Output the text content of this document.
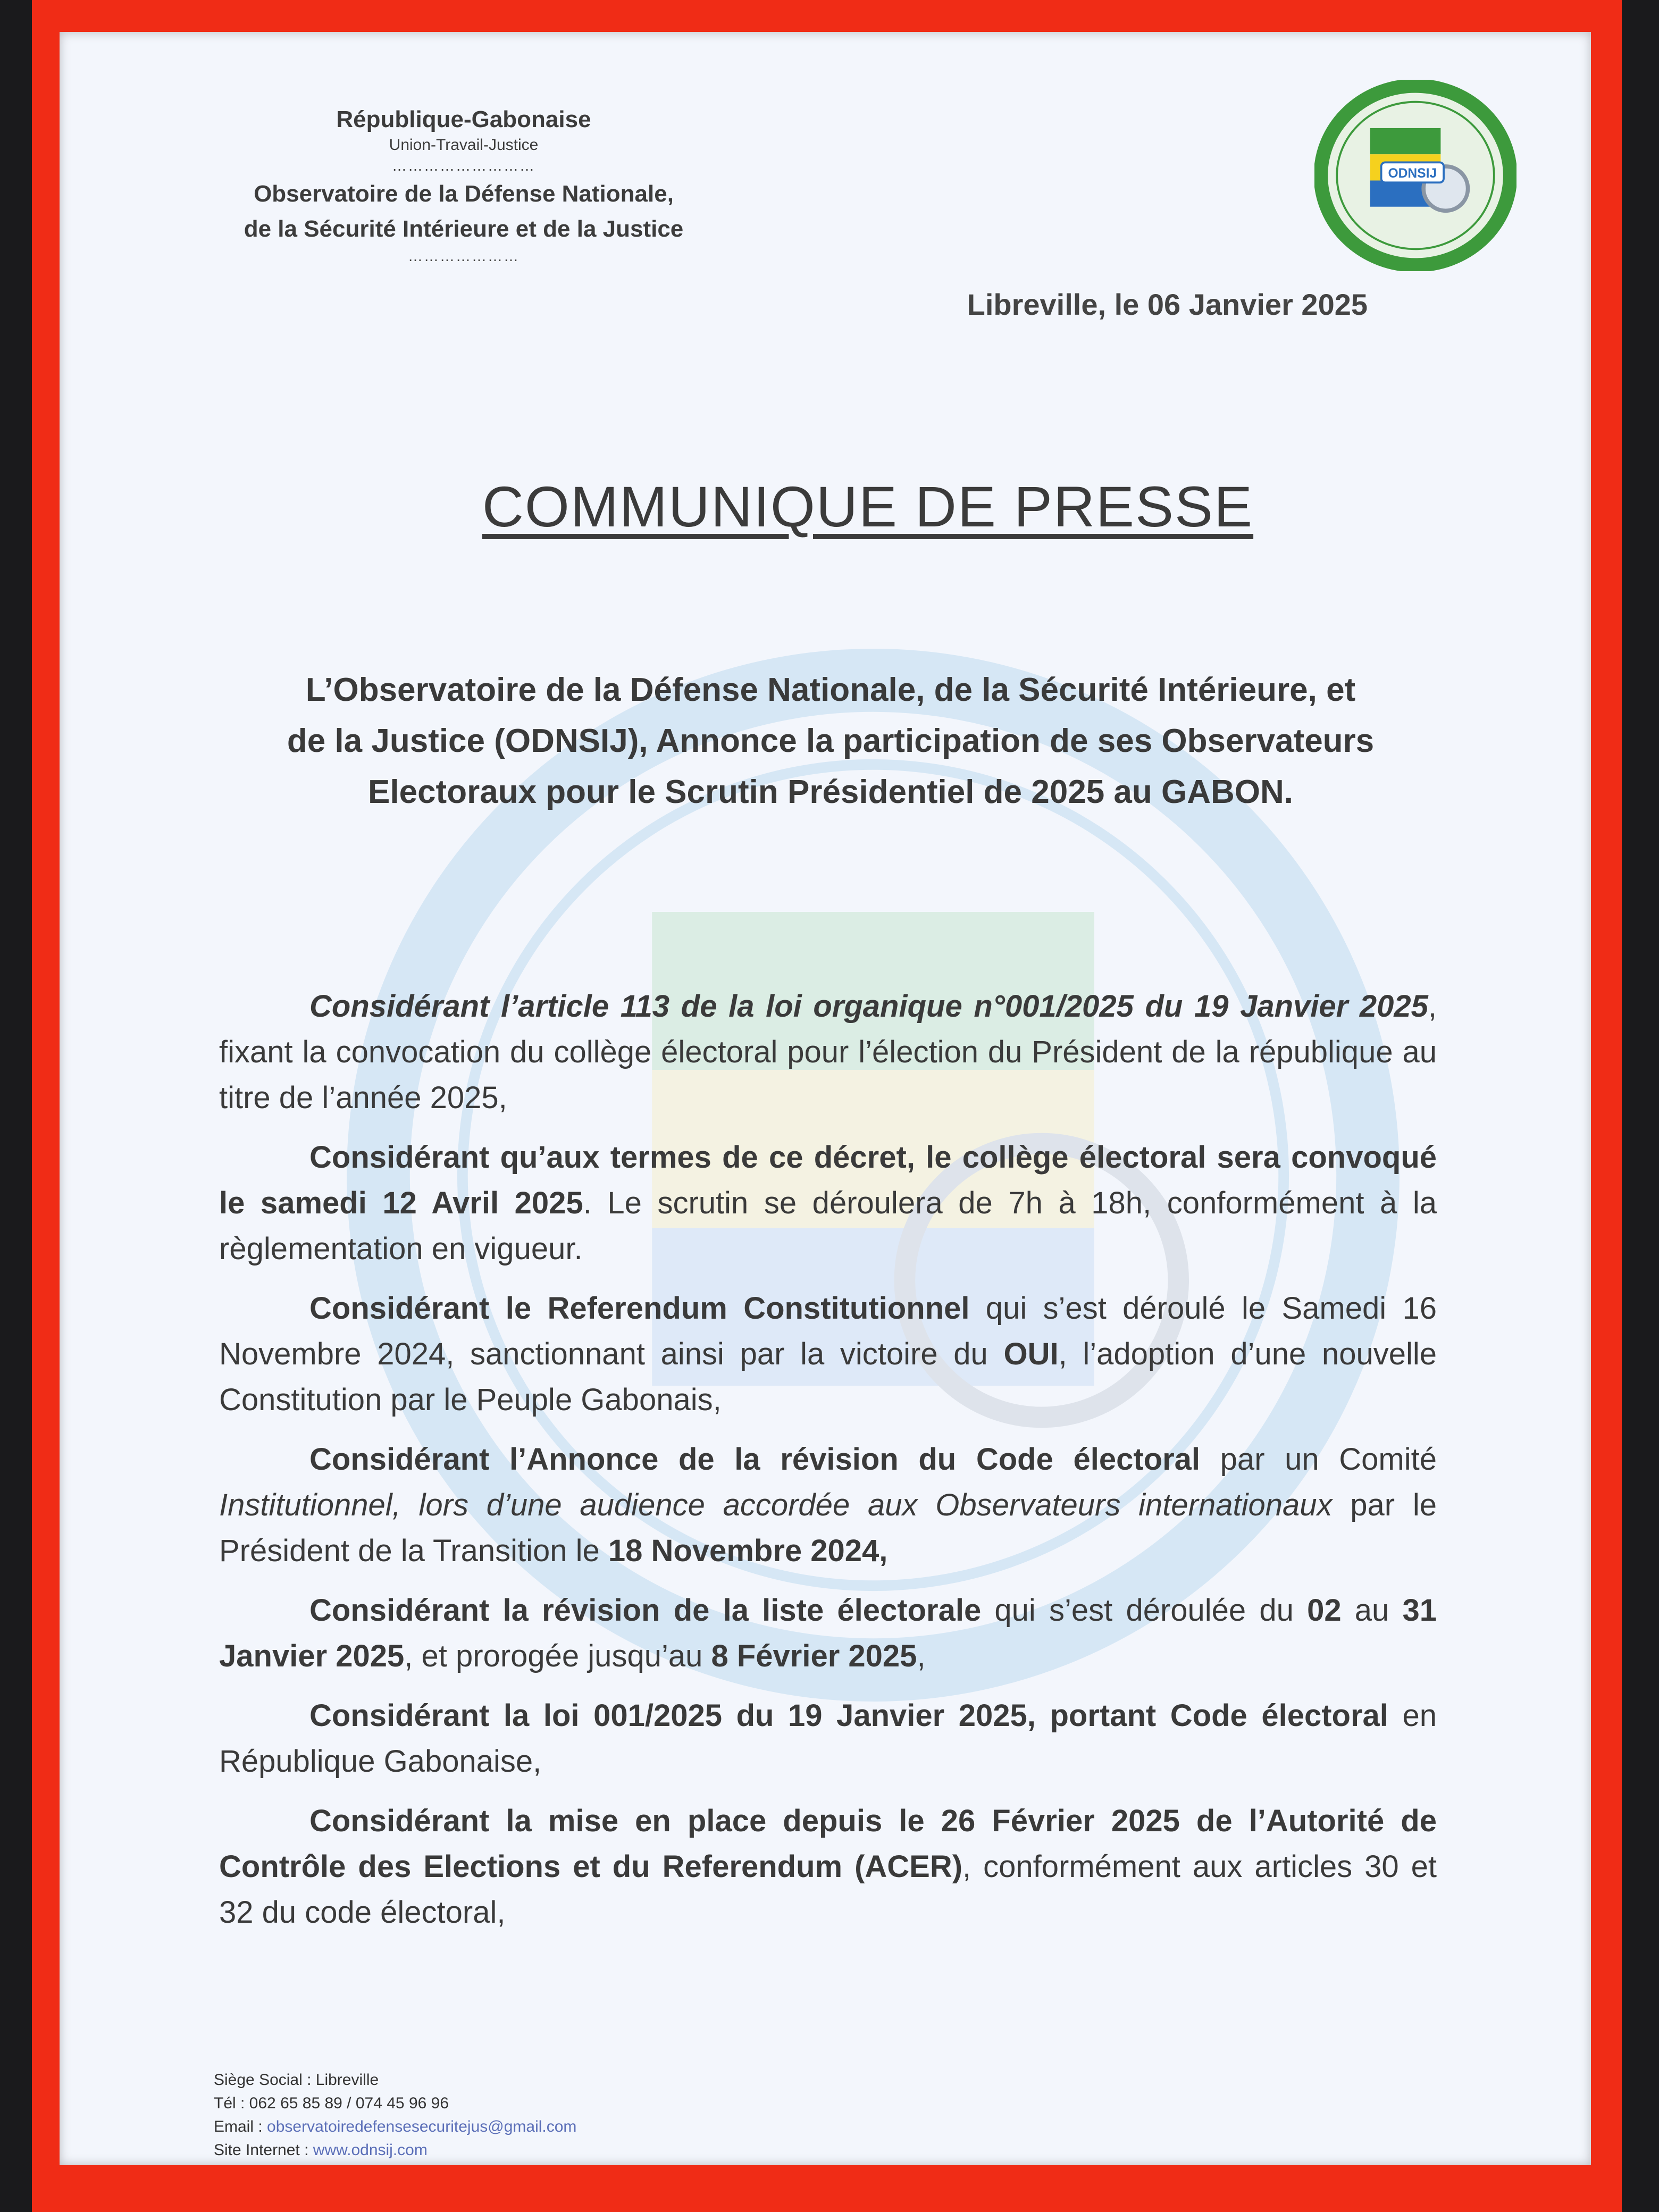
République-Gabonaise
Union-Travail-Justice
………………………
Observatoire de la Défense Nationale,
de la Sécurité Intérieure et de la Justice
…………………
ODNSIJ
Libreville, le 06 Janvier 2025
COMMUNIQUE DE PRESSE
L’Observatoire de la Défense Nationale, de la Sécurité Intérieure, et
de la Justice (ODNSIJ), Annonce la participation de ses Observateurs
Electoraux pour le Scrutin Présidentiel de 2025 au GABON.

Considérant l’article 113 de la loi organique n°001/2025 du 19 Janvier 2025, fixant la convocation du collège électoral pour l’élection du Président de la république au titre de l’année 2025,

Considérant qu’aux termes de ce décret, le collège électoral sera convoqué le samedi 12 Avril 2025. Le scrutin se déroulera de 7h à 18h, conformément à la règlementation en vigueur.

Considérant le Referendum Constitutionnel qui s’est déroulé le Samedi 16 Novembre 2024, sanctionnant ainsi par la victoire du OUI, l’adoption d’une nouvelle Constitution par le Peuple Gabonais,

Considérant l’Annonce de la révision du Code électoral par un Comité Institutionnel, lors d’une audience accordée aux Observateurs internationaux par le Président de la Transition le 18 Novembre 2024,

Considérant la révision de la liste électorale qui s’est déroulée du 02 au 31 Janvier 2025, et prorogée jusqu’au 8 Février 2025,

Considérant la loi 001/2025 du 19 Janvier 2025, portant Code électoral en République Gabonaise,

Considérant la mise en place depuis le 26 Février 2025 de l’Autorité de Contrôle des Elections et du Referendum (ACER), conformément aux articles 30 et 32 du code électoral,

Siège Social : Libreville
Tél : 062 65 85 89 / 074 45 96 96
Email : observatoiredefensesecuritejus@gmail.com
Site Internet : www.odnsij.com
